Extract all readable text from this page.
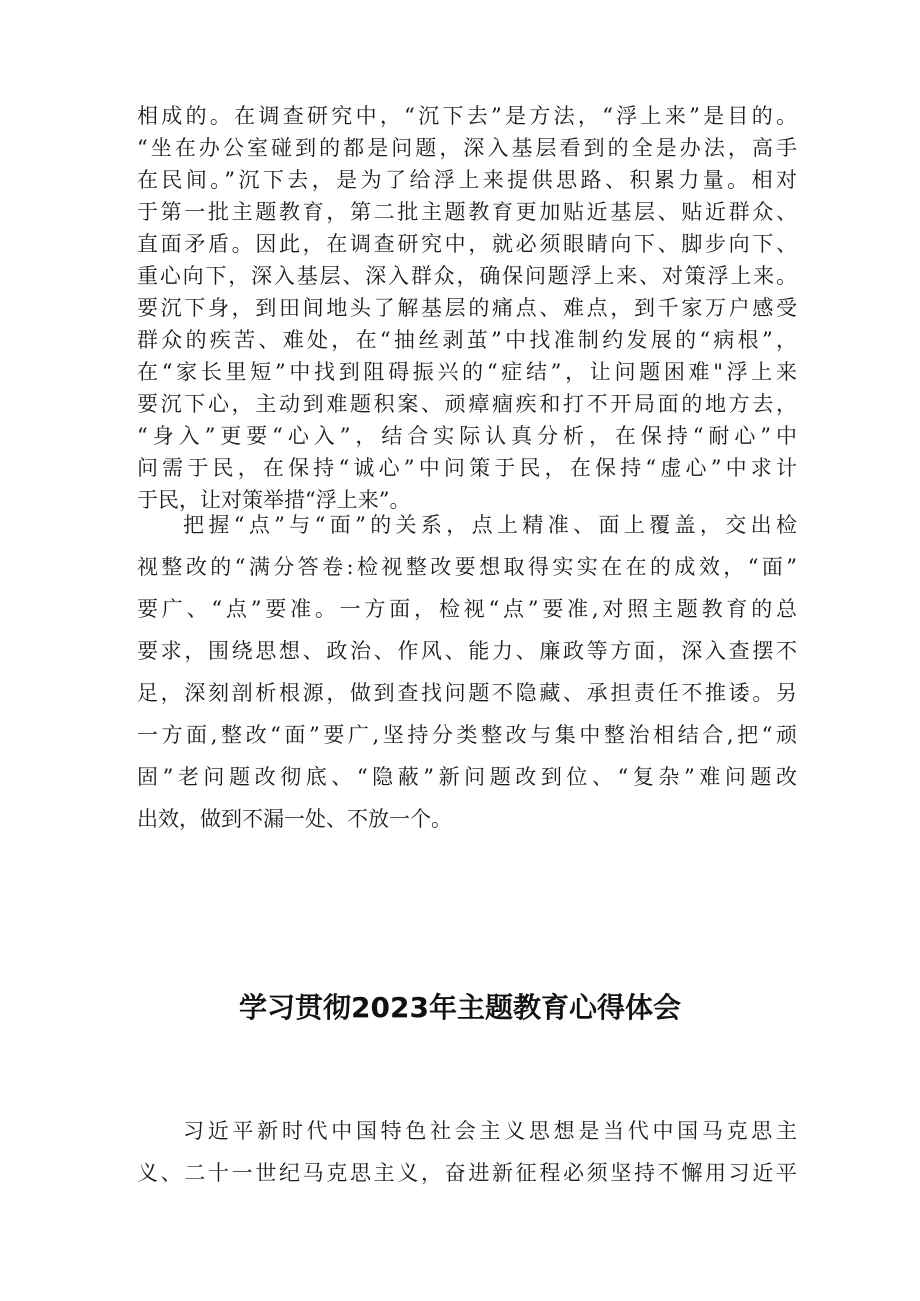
相成的。在调查研究中，“沉下去”是方法，“浮上来”是目的。
“坐在办公室碰到的都是问题，深入基层看到的全是办法，高手
在民间。”沉下去，是为了给浮上来提供思路、积累力量。相对
于第一批主题教育，第二批主题教育更加贴近基层、贴近群众、
直面矛盾。因此，在调查研究中，就必须眼睛向下、脚步向下、
重心向下，深入基层、深入群众，确保问题浮上来、对策浮上来。
要沉下身，到田间地头了解基层的痛点、难点，到千家万户感受
群众的疾苦、难处，在“抽丝剥茧”中找准制约发展的“病根”，
在“家长里短”中找到阻碍振兴的“症结”，让问题困难"浮上来
要沉下心，主动到难题积案、顽瘴痼疾和打不开局面的地方去，
“身入”更要“心入”，结合实际认真分析，在保持“耐心”中
问需于民，在保持“诚心”中问策于民，在保持“虚心”中求计
于民，让对策举措“浮上来”。
把握“点”与“面”的关系，点上精准、面上覆盖，交出检
视整改的“满分答卷:检视整改要想取得实实在在的成效，“面”
要广、“点”要准。一方面，检视“点”要准,对照主题教育的总
要求，围绕思想、政治、作风、能力、廉政等方面，深入查摆不
足，深刻剖析根源，做到查找问题不隐藏、承担责任不推诿。另
一方面,整改“面”要广,坚持分类整改与集中整治相结合,把“顽
固”老问题改彻底、“隐蔽”新问题改到位、“复杂”难问题改
出效，做到不漏一处、不放一个。
学习贯彻2023年主题教育心得体会
习近平新时代中国特色社会主义思想是当代中国马克思主
义、二十一世纪马克思主义，奋进新征程必须坚持不懈用习近平
